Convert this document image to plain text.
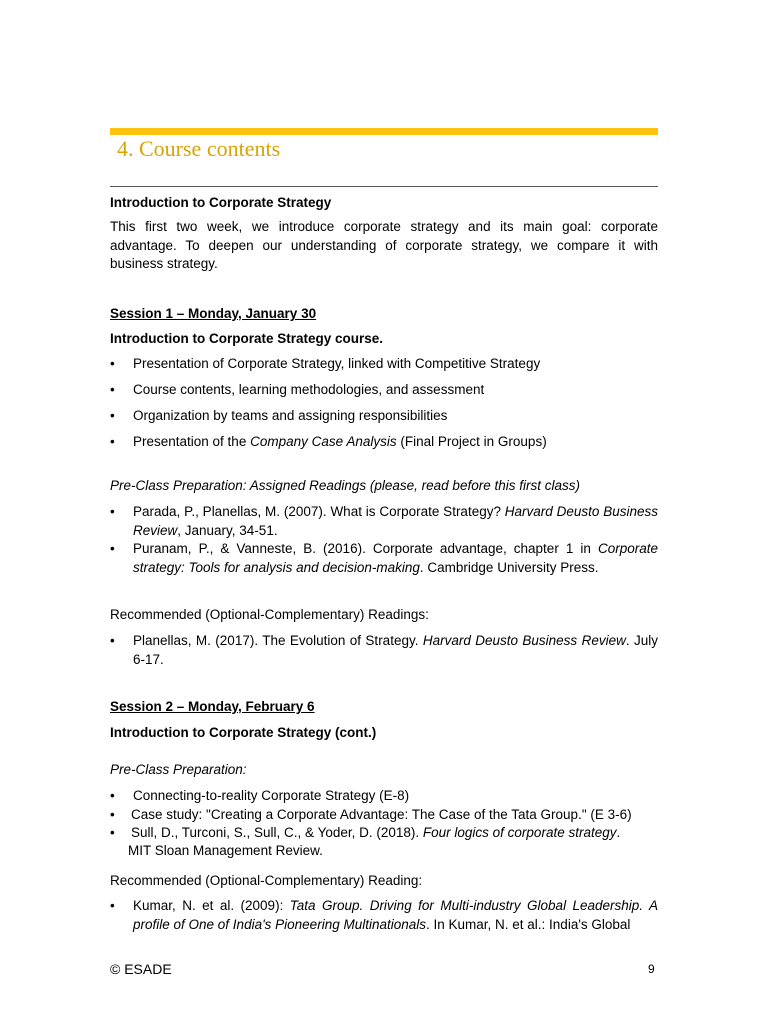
4. Course contents
Introduction to Corporate Strategy
This first two week, we introduce corporate strategy and its main goal: corporate advantage. To deepen our understanding of corporate strategy, we compare it with business strategy.
Session 1 – Monday, January 30
Introduction to Corporate Strategy course.
• Presentation of Corporate Strategy, linked with Competitive Strategy
• Course contents, learning methodologies, and assessment
• Organization by teams and assigning responsibilities
• Presentation of the Company Case Analysis (Final Project in Groups)
Pre-Class Preparation: Assigned Readings (please, read before this first class)
• Parada, P., Planellas, M. (2007). What is Corporate Strategy? Harvard Deusto Business Review, January, 34-51.
• Puranam, P., & Vanneste, B. (2016). Corporate advantage, chapter 1 in Corporate strategy: Tools for analysis and decision-making. Cambridge University Press.
Recommended (Optional-Complementary) Readings:
• Planellas, M. (2017). The Evolution of Strategy. Harvard Deusto Business Review. July 6-17.
Session 2 – Monday, February 6
Introduction to Corporate Strategy (cont.)
Pre-Class Preparation:
• Connecting-to-reality Corporate Strategy (E-8)
• Case study: "Creating a Corporate Advantage: The Case of the Tata Group." (E 3-6)
• Sull, D., Turconi, S., Sull, C., & Yoder, D. (2018). Four logics of corporate strategy.
MIT Sloan Management Review.
Recommended (Optional-Complementary) Reading:
• Kumar, N. et al. (2009): Tata Group. Driving for Multi-industry Global Leadership. A profile of One of India's Pioneering Multinationals. In Kumar, N. et al.: India's Global
© ESADE	9
